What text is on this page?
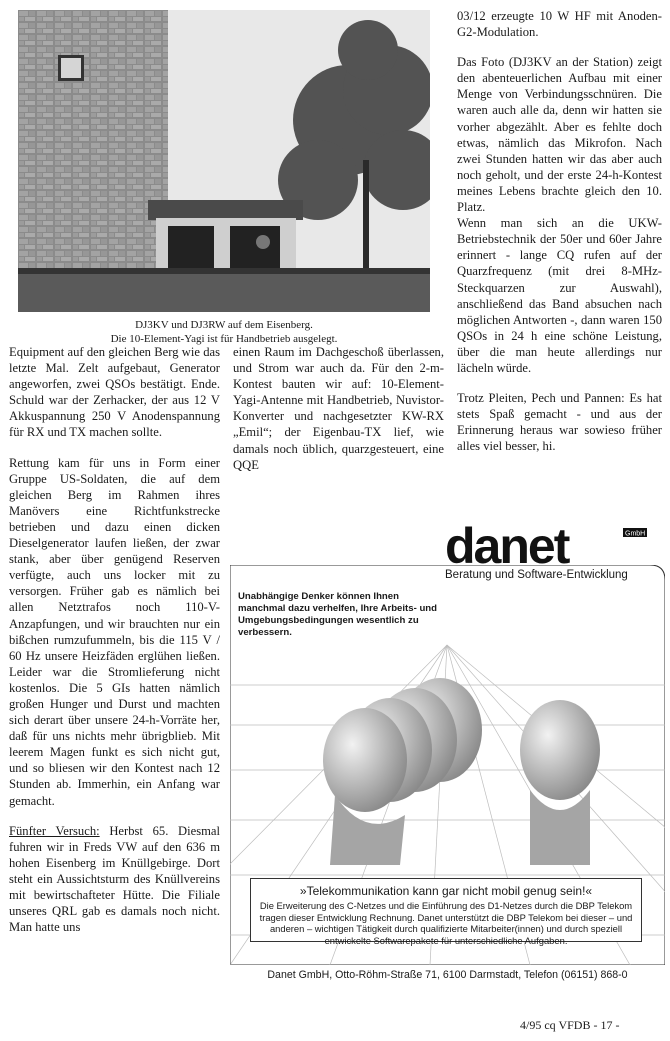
DJ3KV und DJ3RW auf dem Eisenberg.
Die 10-Element-Yagi ist für Handbetrieb ausgelegt.

Equipment auf den gleichen Berg wie das letzte Mal. Zelt aufgebaut, Generator angeworfen, zwei QSOs bestätigt. Ende. Schuld war der Zerhacker, der aus 12 V Akkuspannung 250 V Anodenspannung für RX und TX machen sollte.

Rettung kam für uns in Form einer Gruppe US-Soldaten, die auf dem gleichen Berg im Rahmen ihres Manövers eine Richtfunkstrecke betrieben und dazu einen dicken Dieselgenerator laufen ließen, der zwar stank, aber über genügend Reserven verfügte, auch uns locker mit zu versorgen. Früher gab es nämlich bei allen Netztrafos noch 110-V-Anzapfungen, und wir brauchten nur ein bißchen rumzufummeln, bis die 115 V / 60 Hz unsere Heizfäden erglühen ließen. Leider war die Stromlieferung nicht kostenlos. Die 5 GIs hatten nämlich großen Hunger und Durst und machten sich derart über unsere 24-h-Vorräte her, daß für uns nichts mehr übrigblieb. Mit leerem Magen funkt es sich nicht gut, und so bliesen wir den Kontest nach 12 Stunden ab. Immerhin, ein Anfang war gemacht.

Fünfter Versuch: Herbst 65. Diesmal fuhren wir in Freds VW auf den 636 m hohen Eisenberg im Knüllgebirge. Dort steht ein Aussichtsturm des Knüllvereins mit bewirtschafteter Hütte. Die Filiale unseres QRL gab es damals noch nicht. Man hatte uns

einen Raum im Dachgeschoß überlassen, und Strom war auch da. Für den 2-m-Kontest bauten wir auf: 10-Element-Yagi-Antenne mit Handbetrieb, Nuvistor-Konverter und nachgesetzter KW-RX „Emil“; der Eigenbau-TX lief, wie damals noch üblich, quarzgesteuert, eine QQE

03/12 erzeugte 10 W HF mit Anoden-G2-Modulation.

Das Foto (DJ3KV an der Station) zeigt den abenteuerlichen Aufbau mit einer Menge von Verbindungsschnüren. Die waren auch alle da, denn wir hatten sie vorher abgezählt. Aber es fehlte doch etwas, nämlich das Mikrofon. Nach zwei Stunden hatten wir das aber auch noch geholt, und der erste 24-h-Kontest meines Lebens brachte gleich den 10. Platz.

Wenn man sich an die UKW-Betriebstechnik der 50er und 60er Jahre erinnert - lange CQ rufen auf der Quarzfrequenz (mit drei 8-MHz-Steckquarzen zur Auswahl), anschließend das Band absuchen nach möglichen Antworten -, dann waren 150 QSOs in 24 h eine schöne Leistung, über die man heute allerdings nur lächeln würde.

Trotz Pleiten, Pech und Pannen: Es hat stets Spaß gemacht - und aus der Erinnerung heraus war sowieso früher alles viel besser, hi.

danet	GmbH
Beratung und Software-Entwicklung
Unabhängige Denker können Ihnen manchmal dazu verhelfen, Ihre Arbeits- und Umgebungsbedingungen wesentlich zu verbessern.
»Telekommunikation kann gar nicht mobil genug sein!«
Die Erweiterung des C-Netzes und die Einführung des D1-Netzes durch die DBP Telekom tragen dieser Entwicklung Rechnung. Danet unterstützt die DBP Telekom bei dieser – und anderen – wichtigen Tätigkeit durch qualifizierte Mitarbeiter(innen) und durch speziell entwickelte Softwarepakete für unterschiedliche Aufgaben.
Danet GmbH, Otto-Röhm-Straße 71, 6100 Darmstadt, Telefon (06151) 868-0
4/95 cq VFDB - 17 -
